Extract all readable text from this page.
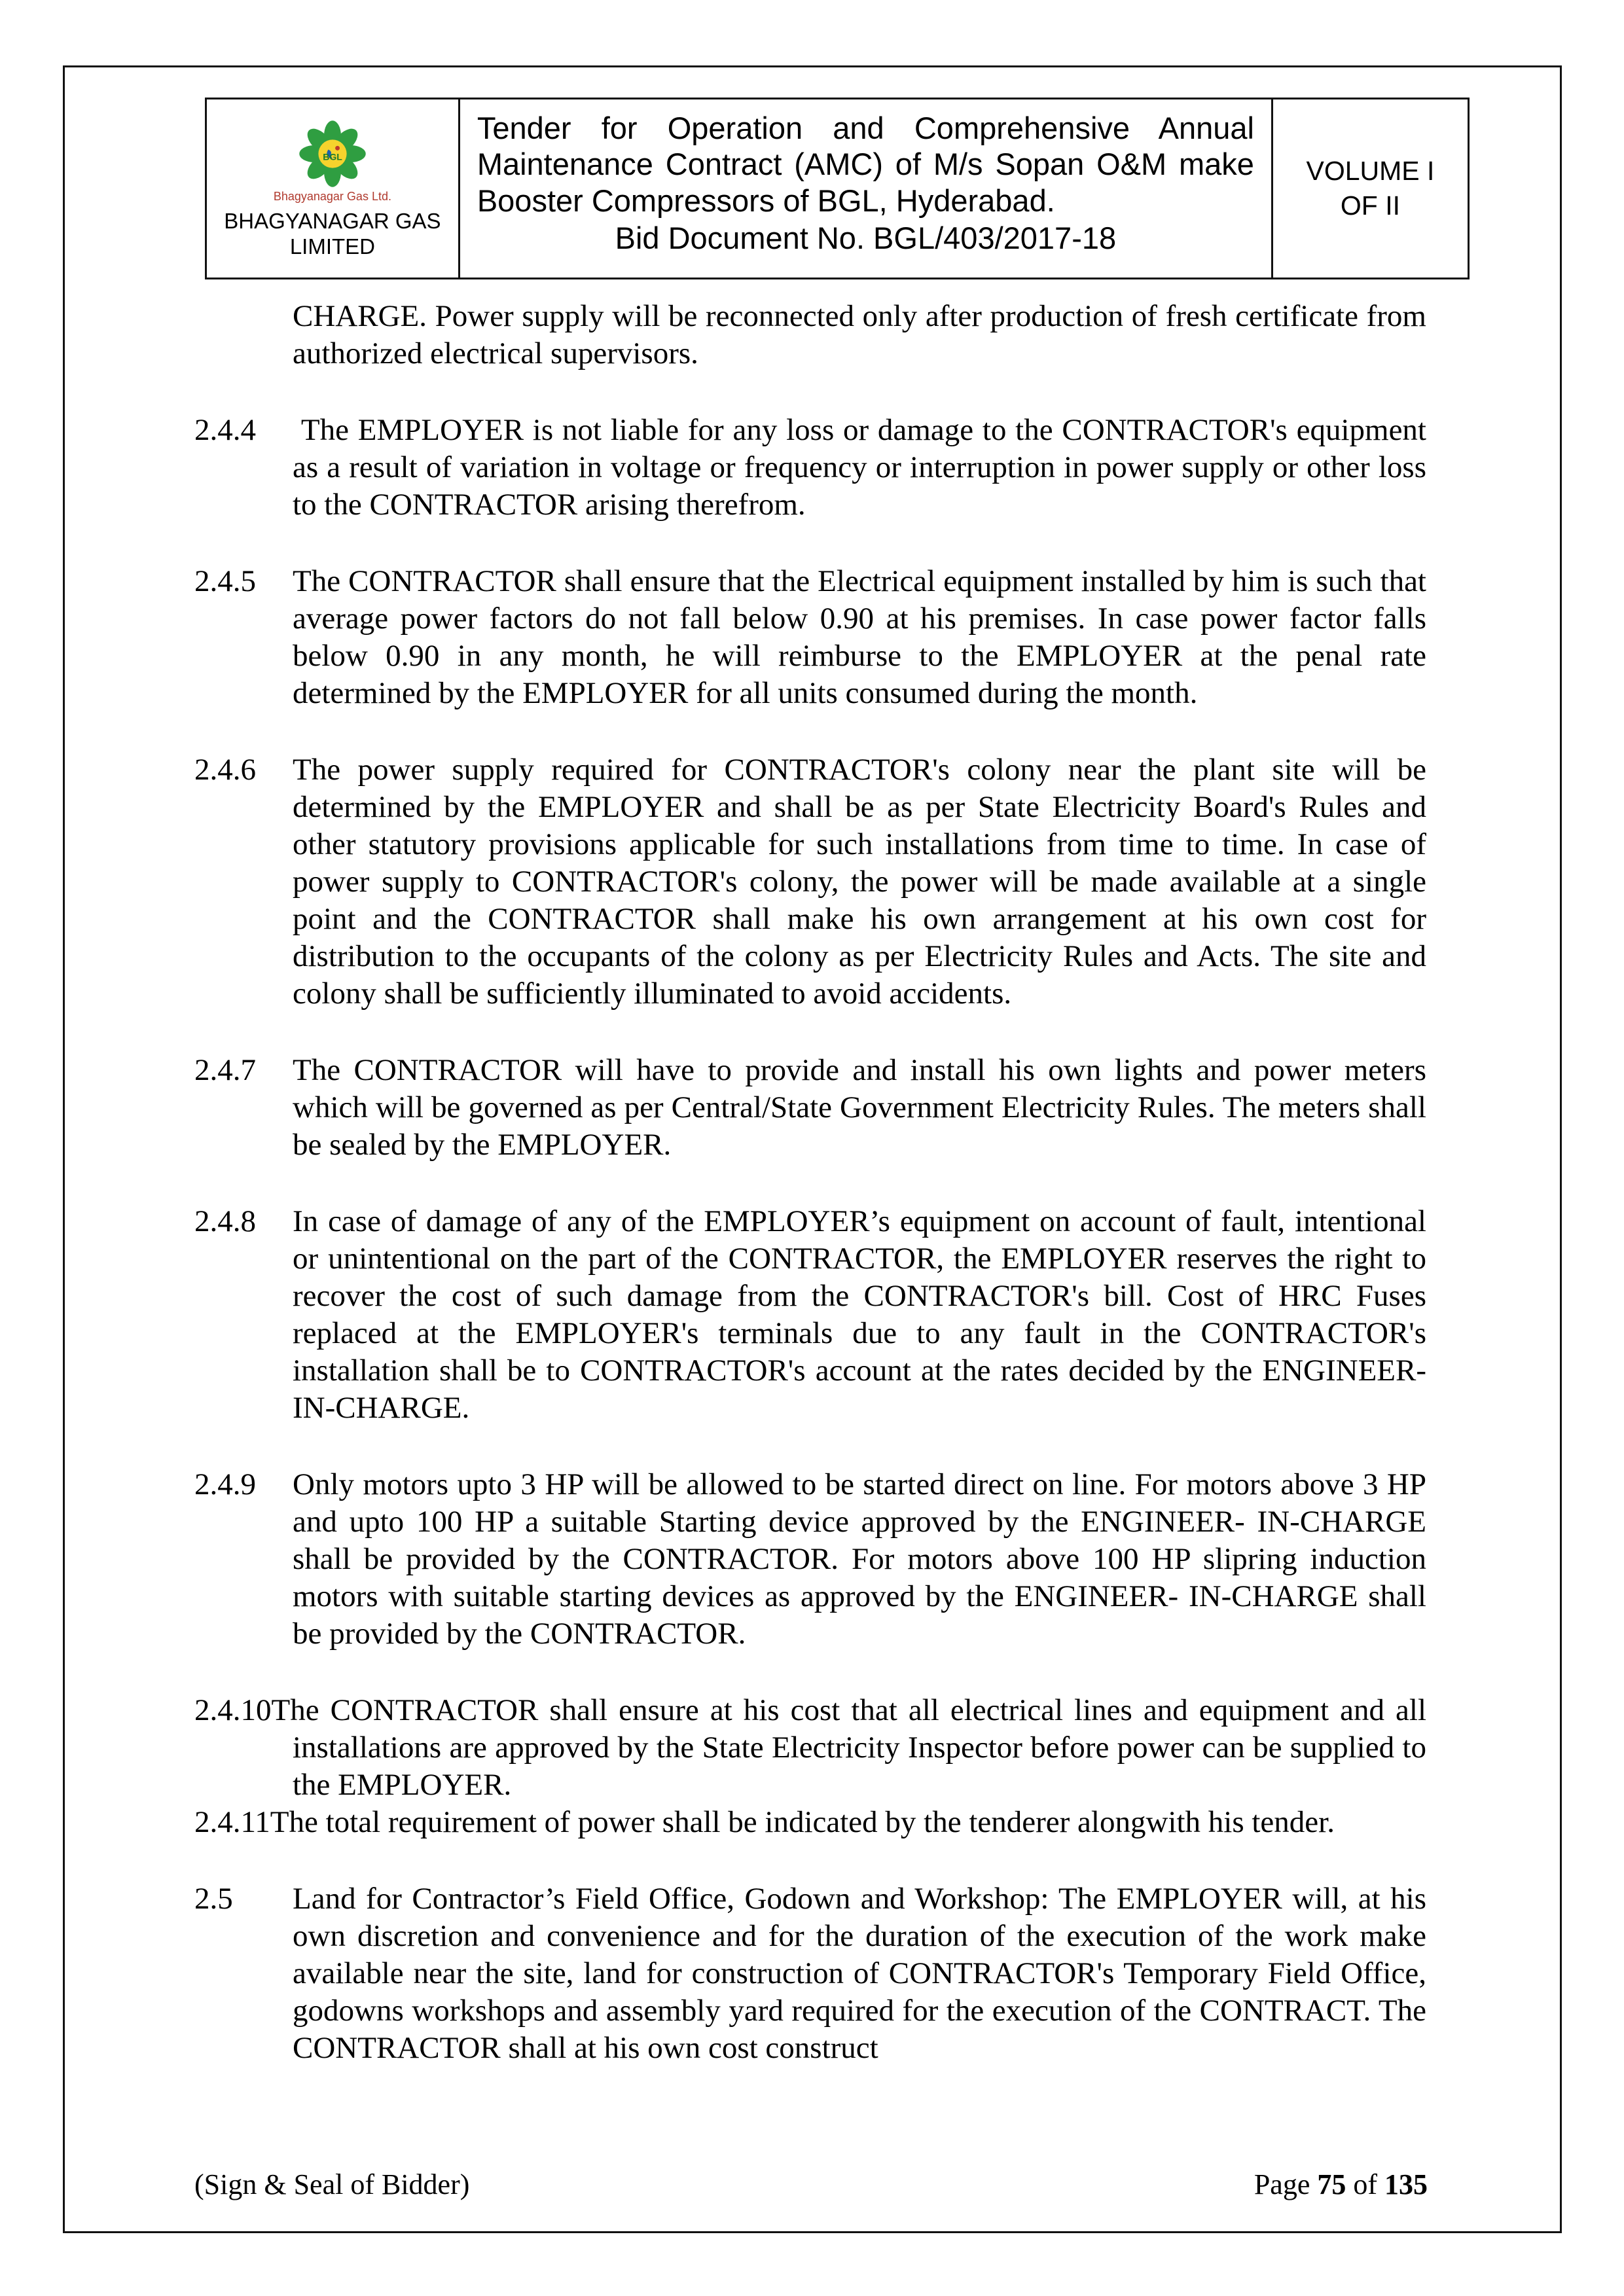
BGL
Bhagyanagar Gas Ltd.
BHAGYANAGAR GAS
LIMITED
Tender for Operation and Comprehensive Annual Maintenance Contract (AMC) of M/s Sopan O&M make Booster Compressors of BGL, Hyderabad.
Bid Document No. BGL/403/2017-18
VOLUME I
OF II
CHARGE. Power supply will be reconnected only after production of fresh certificate from authorized electrical supervisors.
2.4.4 The EMPLOYER is not liable for any loss or damage to the CONTRACTOR's equipment as a result of variation in voltage or frequency or interruption in power supply or other loss to the CONTRACTOR arising therefrom.
2.4.5 The CONTRACTOR shall ensure that the Electrical equipment installed by him is such that average power factors do not fall below 0.90 at his premises. In case power factor falls below 0.90 in any month, he will reimburse to the EMPLOYER at the penal rate determined by the EMPLOYER for all units consumed during the month.
2.4.6 The power supply required for CONTRACTOR's colony near the plant site will be determined by the EMPLOYER and shall be as per State Electricity Board's Rules and other statutory provisions applicable for such installations from time to time. In case of power supply to CONTRACTOR's colony, the power will be made available at a single point and the CONTRACTOR shall make his own arrangement at his own cost for distribution to the occupants of the colony as per Electricity Rules and Acts. The site and colony shall be sufficiently illuminated to avoid accidents.
2.4.7 The CONTRACTOR will have to provide and install his own lights and power meters which will be governed as per Central/State Government Electricity Rules. The meters shall be sealed by the EMPLOYER.
2.4.8 In case of damage of any of the EMPLOYER’s equipment on account of fault, intentional or unintentional on the part of the CONTRACTOR, the EMPLOYER reserves the right to recover the cost of such damage from the CONTRACTOR's bill. Cost of HRC Fuses replaced at the EMPLOYER's terminals due to any fault in the CONTRACTOR's installation shall be to CONTRACTOR's account at the rates decided by the ENGINEER-IN-CHARGE.
2.4.9 Only motors upto 3 HP will be allowed to be started direct on line. For motors above 3 HP and upto 100 HP a suitable Starting device approved by the ENGINEER- IN-CHARGE shall be provided by the CONTRACTOR. For motors above 100 HP slipring induction motors with suitable starting devices as approved by the ENGINEER- IN-CHARGE shall be provided by the CONTRACTOR.
2.4.10The CONTRACTOR shall ensure at his cost that all electrical lines and equipment and all installations are approved by the State Electricity Inspector before power can be supplied to the EMPLOYER.
2.4.11The total requirement of power shall be indicated by the tenderer alongwith his tender.
2.5 Land for Contractor’s Field Office, Godown and Workshop: The EMPLOYER will, at his own discretion and convenience and for the duration of the execution of the work make available near the site, land for construction of CONTRACTOR's Temporary Field Office, godowns workshops and assembly yard required for the execution of the CONTRACT. The CONTRACTOR shall at his own cost construct
(Sign & Seal of Bidder)	Page 75 of 135
